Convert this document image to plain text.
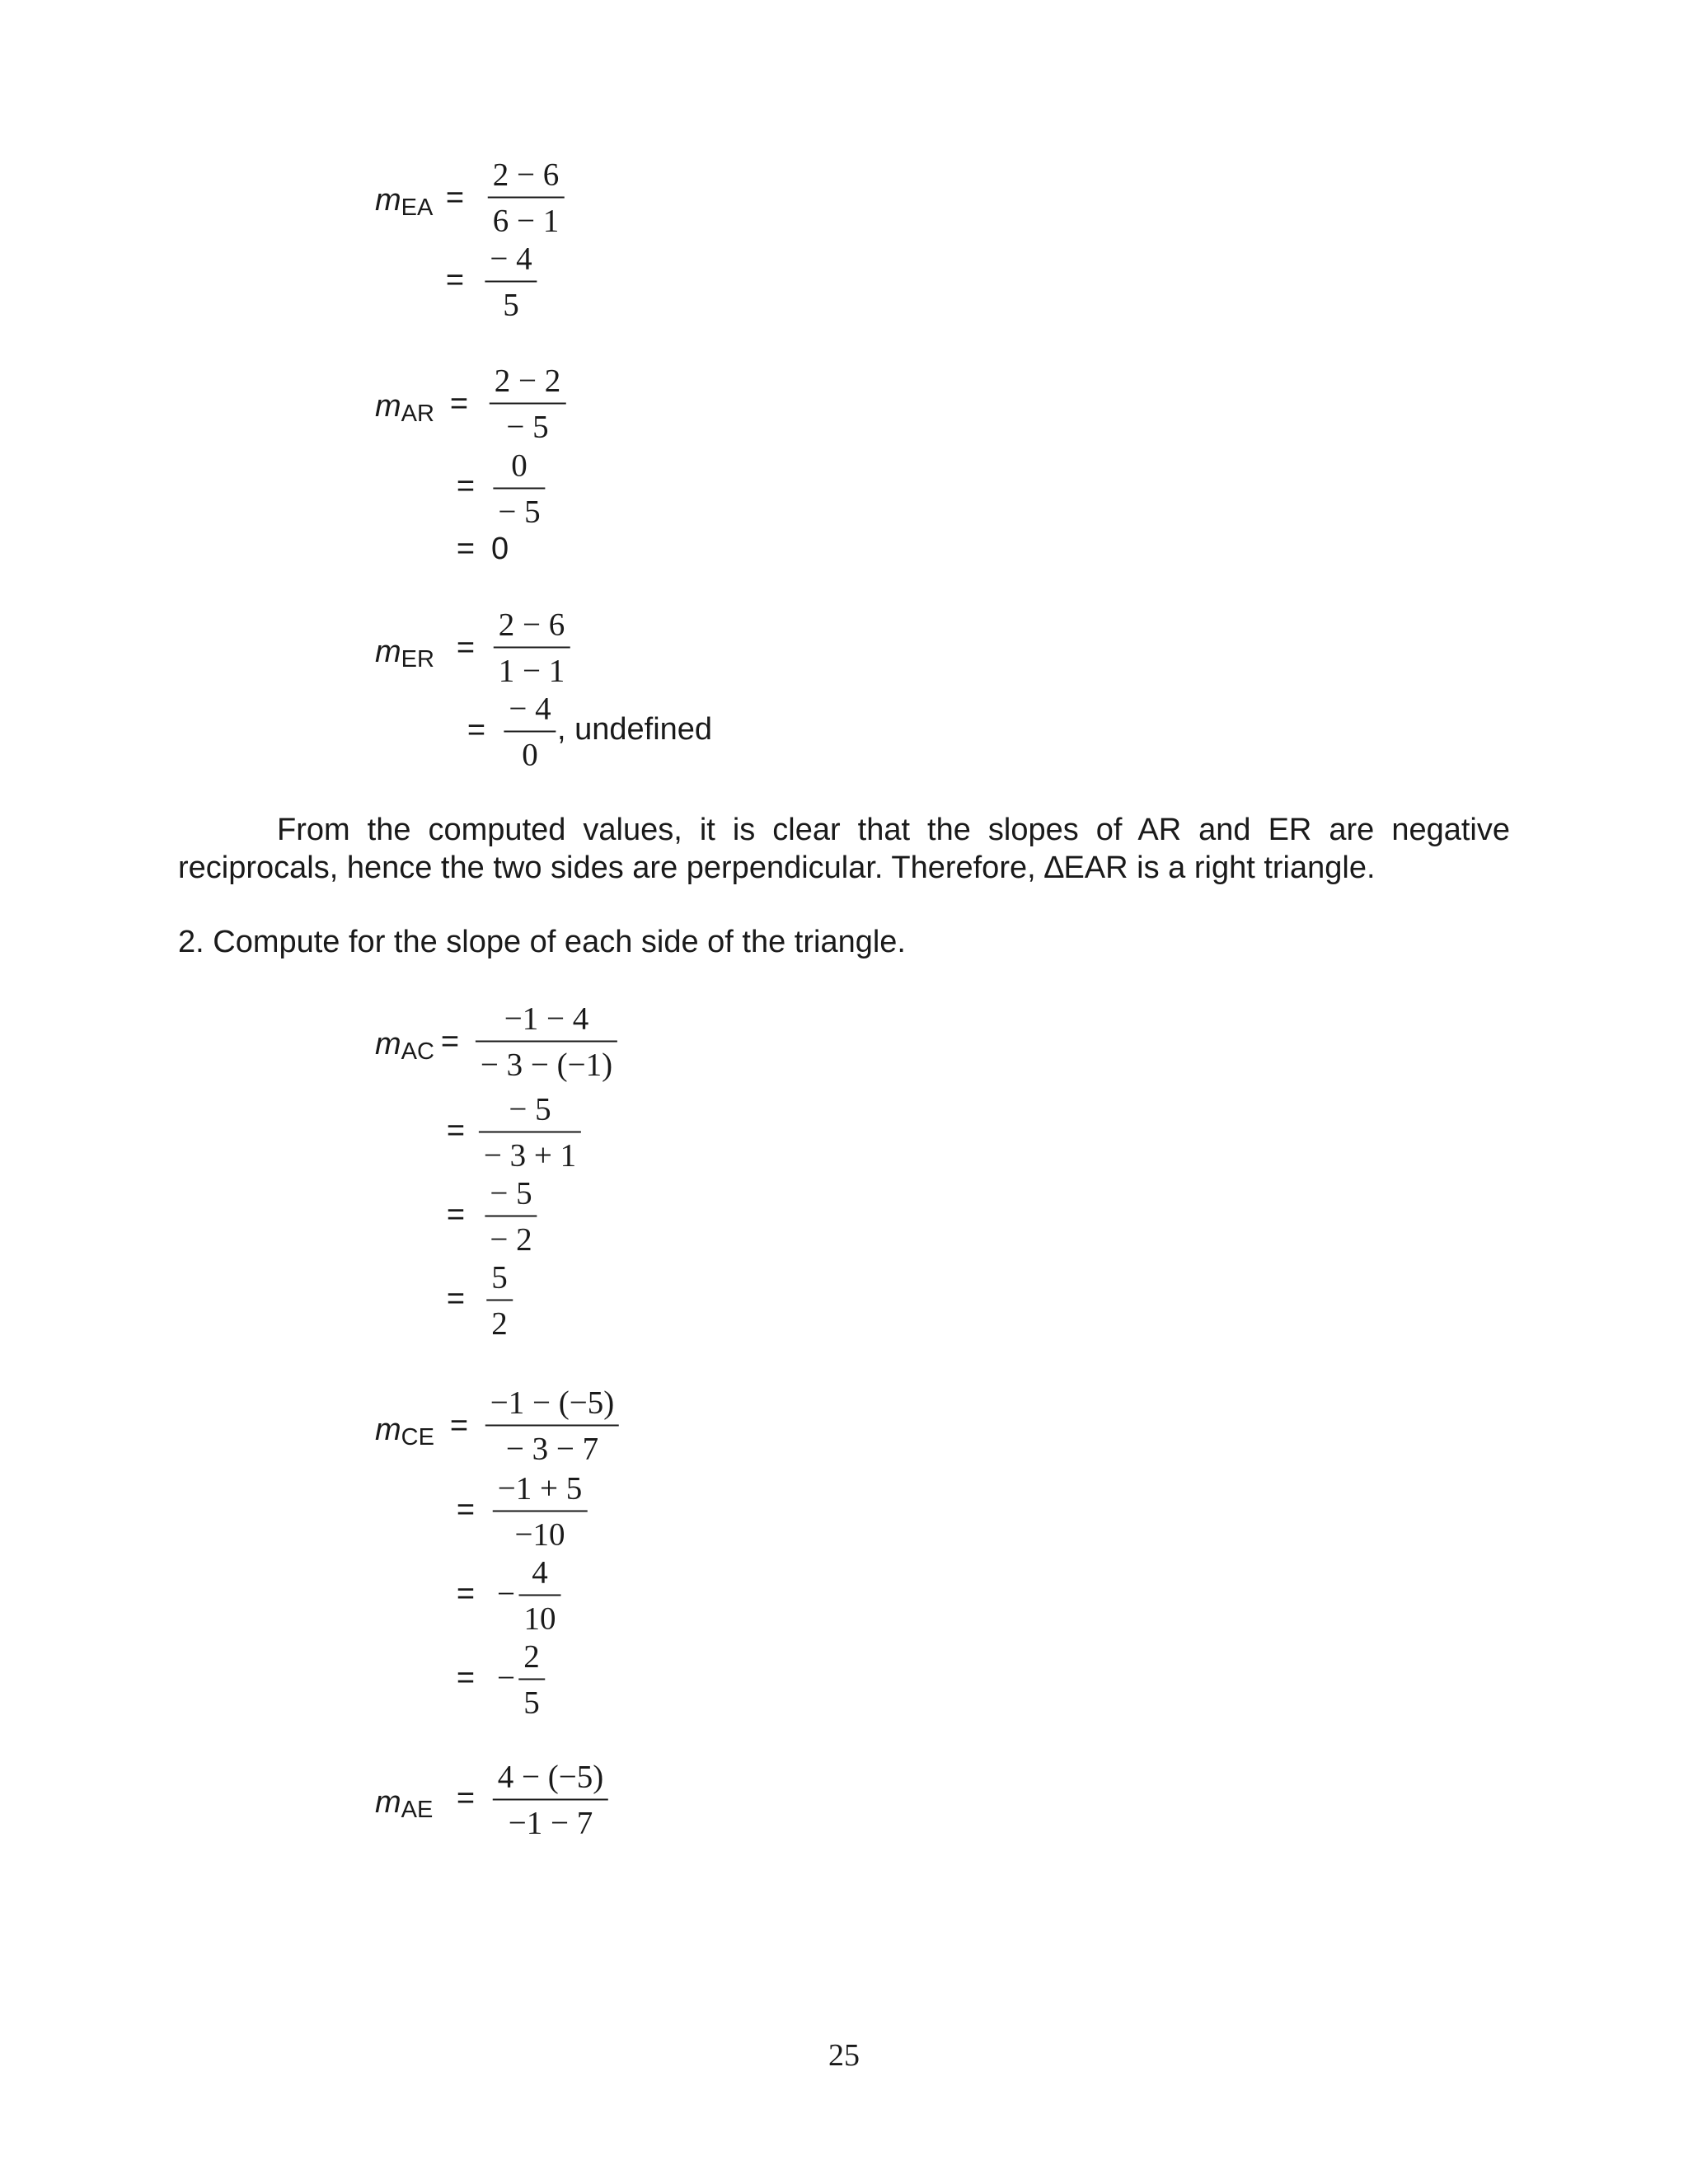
mEA =
2 − 6
6 − 1
=
− 4
5
mAR =
2 − 2
− 5
=
0
− 5
= 0
mER =
2 − 6
1 − 1
=
− 4
0
, undefined
From the computed values, it is clear that the slopes of AR and ER are negative
reciprocals, hence the two sides are perpendicular. Therefore, ∆EAR is a right triangle.
2. Compute for the slope of each side of the triangle.
mAC =
−1 − 4
− 3 − (−1)
=
− 5
− 3 + 1
=
− 5
− 2
=
5
2
mCE =
−1 − (−5)
− 3 − 7
=
−1 + 5
−10
= −
4
10
= −
2
5
mAE =
4 − (−5)
−1 − 7
25
